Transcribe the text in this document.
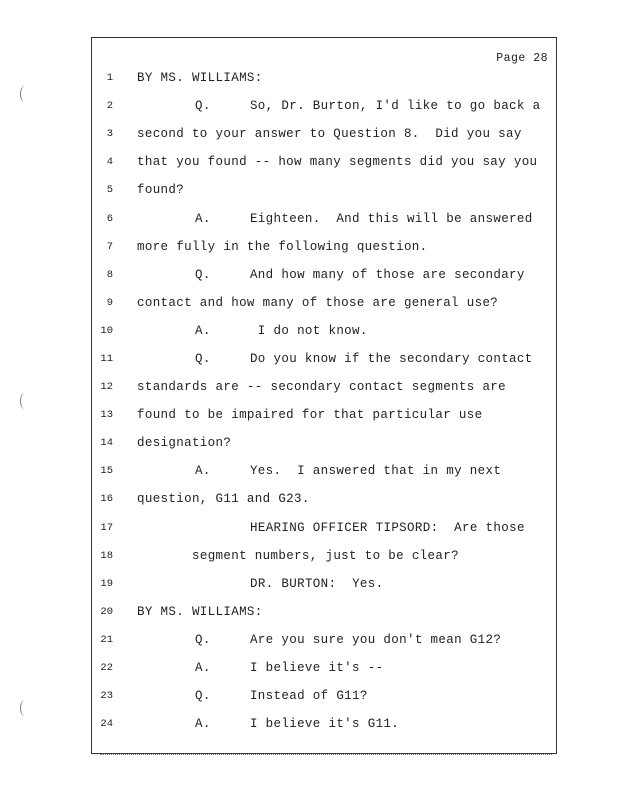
Page 28
1 BY MS. WILLIAMS:
2	Q.     So, Dr. Burton, I'd like to go back a
3 second to your answer to Question 8.  Did you say
4 that you found -- how many segments did you say you
5 found?
6	A.     Eighteen.  And this will be answered
7 more fully in the following question.
8	Q.     And how many of those are secondary
9 contact and how many of those are general use?
10	A.      I do not know.
11	Q.     Do you know if the secondary contact
12 standards are -- secondary contact segments are
13 found to be impaired for that particular use
14 designation?
15	A.     Yes.  I answered that in my next
16 question, G11 and G23.
17	HEARING OFFICER TIPSORD:  Are those
18	segment numbers, just to be clear?
19	DR. BURTON:  Yes.
20 BY MS. WILLIAMS:
21	Q.     Are you sure you don't mean G12?
22	A.     I believe it's --
23	Q.     Instead of G11?
24	A.     I believe it's G11.
